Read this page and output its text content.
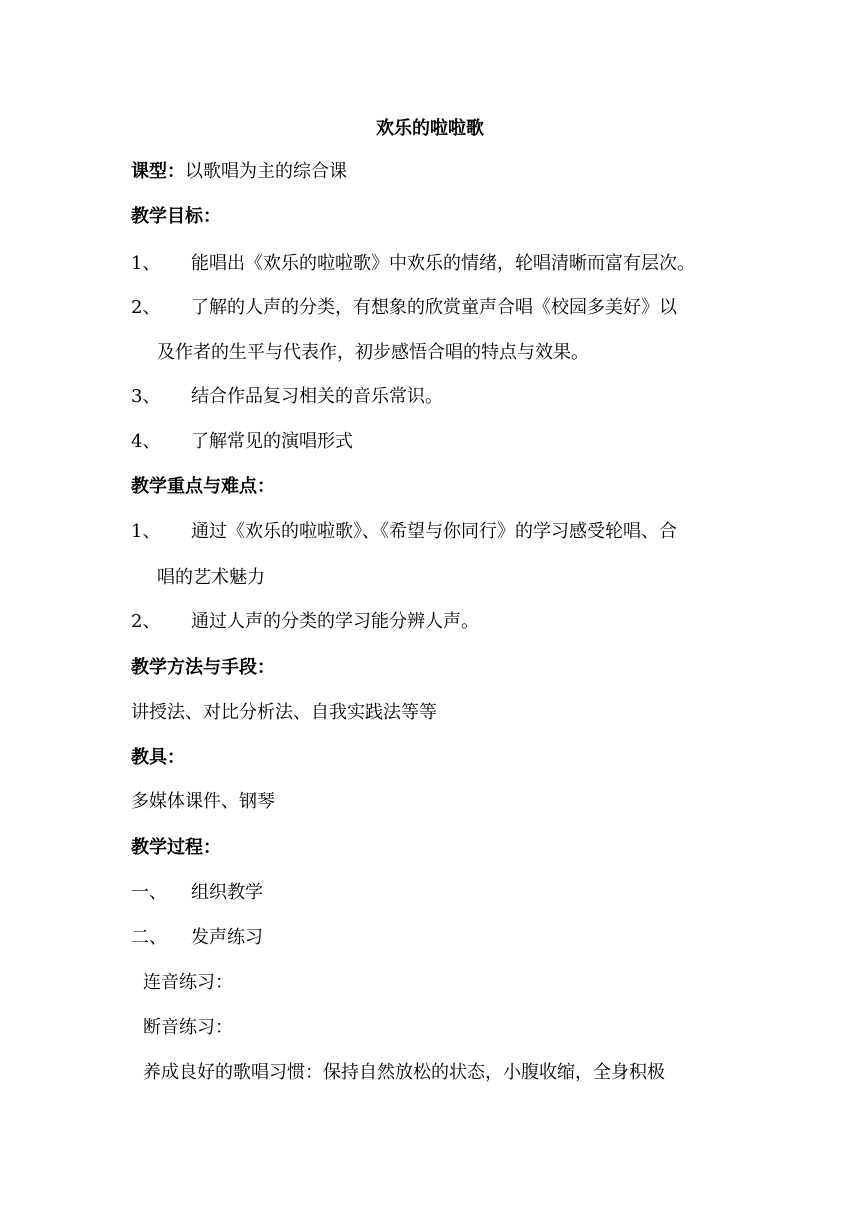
欢乐的啦啦歌
课型：以歌唱为主的综合课
教学目标：
1、 能唱出《欢乐的啦啦歌》中欢乐的情绪，轮唱清晰而富有层次。
2、 了解的人声的分类，有想象的欣赏童声合唱《校园多美好》以
及作者的生平与代表作，初步感悟合唱的特点与效果。
3、 结合作品复习相关的音乐常识。
4、 了解常见的演唱形式
教学重点与难点：
1、 通过《欢乐的啦啦歌》、《希望与你同行》的学习感受轮唱、合
唱的艺术魅力
2、 通过人声的分类的学习能分辨人声。
教学方法与手段：
讲授法、对比分析法、自我实践法等等
教具：
多媒体课件、钢琴
教学过程：
一、 组织教学
二、 发声练习
连音练习：
断音练习：
养成良好的歌唱习惯：保持自然放松的状态，小腹收缩，全身积极
